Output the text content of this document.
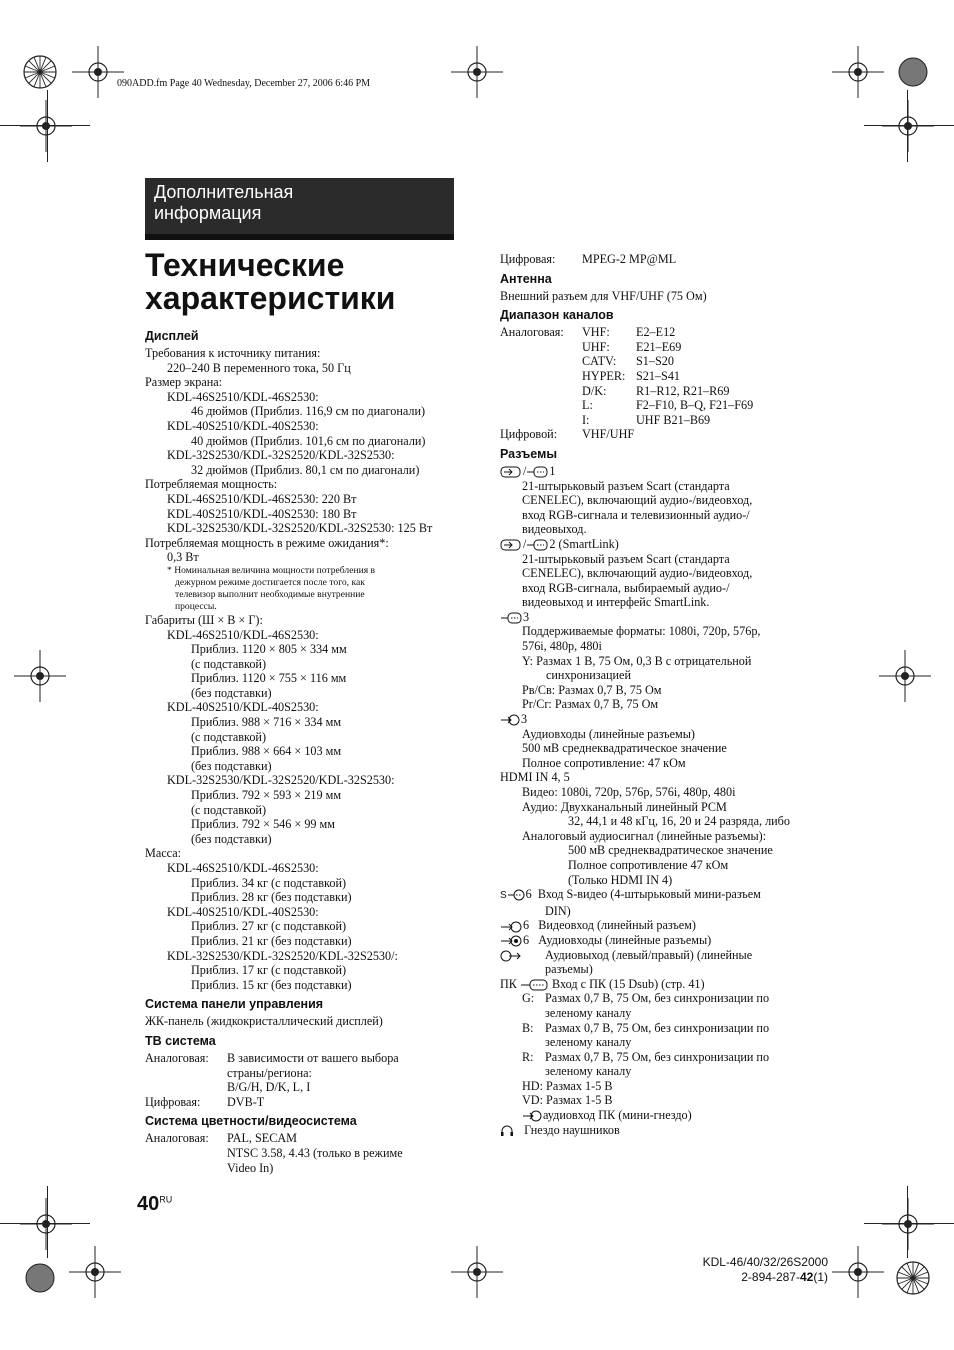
090ADD.fm Page 40 Wednesday, December 27, 2006 6:46 PM
Дополнительная
информация
Технические
характеристики
Дисплей
Требования к источнику питания:
220–240 В переменного тока, 50 Гц
Размер экрана:
KDL-46S2510/KDL-46S2530:
46 дюймов (Приблиз. 116,9 см по диагонали)
KDL-40S2510/KDL-40S2530:
40 дюймов (Приблиз. 101,6 см по диагонали)
KDL-32S2530/KDL-32S2520/KDL-32S2530:
32 дюймов (Приблиз. 80,1 см по диагонали)
Потребляемая мощность:
KDL-46S2510/KDL-46S2530: 220 Вт
KDL-40S2510/KDL-40S2530: 180 Вт
KDL-32S2530/KDL-32S2520/KDL-32S2530: 125 Вт
Потребляемая мощность в режиме ожидания*:
0,3 Вт
* Номинальная величина мощности потребления в
дежурном режиме достигается после того, как
телевизор выполнит необходимые внутренние
процессы.
Габариты (Ш × В × Г):
KDL-46S2510/KDL-46S2530:
Приблиз. 1120 × 805 × 334 мм
(с подставкой)
Приблиз. 1120 × 755 × 116 мм
(без подставки)
KDL-40S2510/KDL-40S2530:
Приблиз. 988 × 716 × 334 мм
(с подставкой)
Приблиз. 988 × 664 × 103 мм
(без подставки)
KDL-32S2530/KDL-32S2520/KDL-32S2530:
Приблиз. 792 × 593 × 219 мм
(с подставкой)
Приблиз. 792 × 546 × 99 мм
(без подставки)
Масса:
KDL-46S2510/KDL-46S2530:
Приблиз. 34 кг (с подставкой)
Приблиз. 28 кг (без подставки)
KDL-40S2510/KDL-40S2530:
Приблиз. 27 кг (с подставкой)
Приблиз. 21 кг (без подставки)
KDL-32S2530/KDL-32S2520/KDL-32S2530/:
Приблиз. 17 кг (с подставкой)
Приблиз. 15 кг (без подставки)
Система панели управления
ЖК-панель (жидкокристаллический дисплей)
ТВ система
Аналоговая:	В зависимости от вашего выбора
страны/региона:
B/G/H, D/K, L, I
Цифровая:	DVB-T
Система цветности/видеосистема
Аналоговая:	PAL, SECAM
NTSC 3.58, 4.43 (только в режиме
Video In)
Цифровая:	MPEG-2 MP@ML
Антенна
Внешний разъем для VHF/UHF (75 Ом)
Диапазон каналов
Аналоговая:	VHF:	E2–E12
UHF:	E21–E69
CATV:	S1–S20
HYPER: S21–S41
D/K:	R1–R12, R21–R69
L:	F2–F10, B–Q, F21–F69
I:	UHF B21–B69
Цифровой:	VHF/UHF
Разъемы
/ 1
21-штырьковый разъем Scart (стандарта
CENELEC), включающий аудио-/видеовход,
вход RGB-сигнала и телевизионный аудио-/
видеовыход.
/ 2 (SmartLink)
21-штырьковый разъем Scart (стандарта
CENELEC), включающий аудио-/видеовход,
вход RGB-сигнала, выбираемый аудио-/
видеовыход и интерфейс SmartLink.
3
Поддерживаемые форматы: 1080i, 720p, 576p,
576i, 480p, 480i
Y: Размах 1 В, 75 Ом, 0,3 В с отрицательной
синхронизацией
Pв/Cв: Размах 0,7 В, 75 Ом
Pr/Cr: Размах 0,7 В, 75 Ом
3
Аудиовходы (линейные разъемы)
500 мВ среднеквадратическое значение
Полное сопротивление: 47 кОм
HDMI IN 4, 5
Видео: 1080i, 720p, 576p, 576i, 480p, 480i
Аудио: Двухканальный линейный PCM
32, 44,1 и 48 кГц, 16, 20 и 24 разряда, либо
Аналоговый аудиосигнал (линейные разъемы):
500 мВ среднеквадратическое значение
Полное сопротивление 47 кОм
(Только HDMI IN 4)
S 6 Вход S-видео (4-штырьковый мини-разъем
DIN)
6 Видеовход (линейный разъем)
6 Аудиовходы (линейные разъемы)
Аудиовыход (левый/правый) (линейные
разъемы)
ПК	Вход с ПК (15 Dsub) (стр. 41)
G: Размах 0,7 В, 75 Ом, без синхронизации по
зеленому каналу
B: Размах 0,7 В, 75 Ом, без синхронизации по
зеленому каналу
R: Размах 0,7 В, 75 Ом, без синхронизации по
зеленому каналу
HD: Размах 1-5 В
VD: Размах 1-5 В
аудиовход ПК (мини-гнездо)
Гнездо наушников
$40^{RU}$
KDL-46/40/32/26S2000
2-894-287-42(1)
